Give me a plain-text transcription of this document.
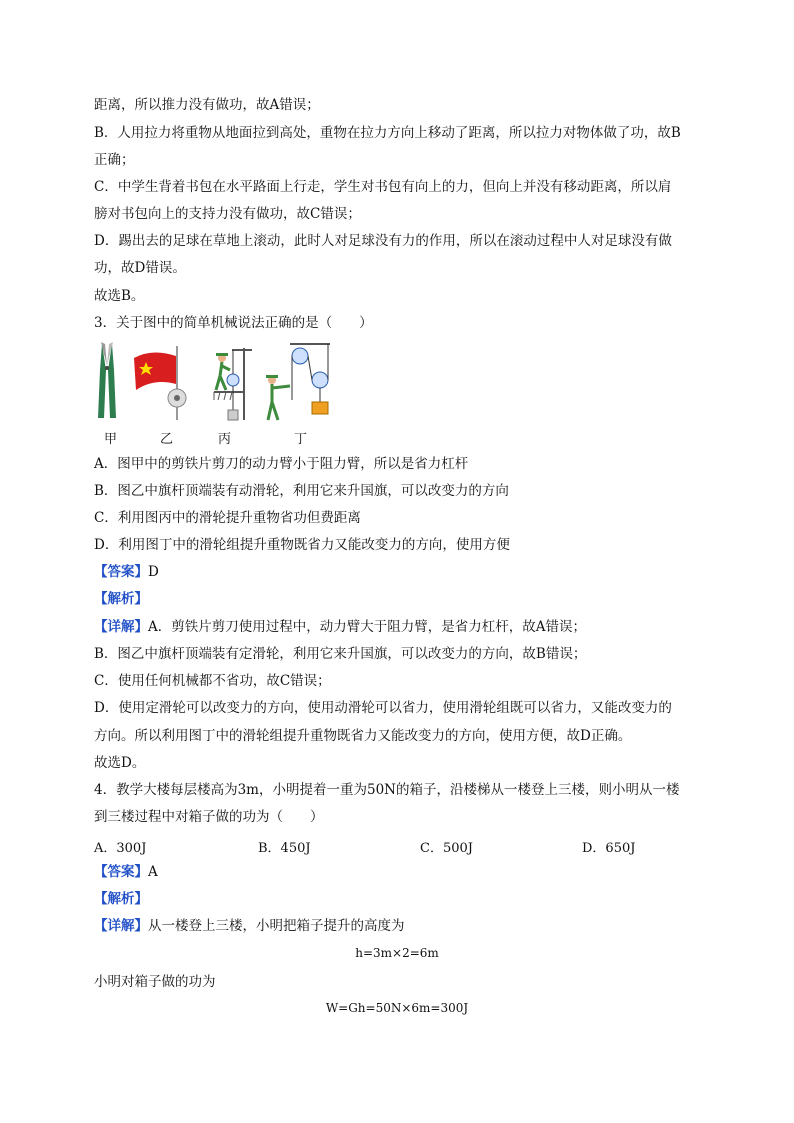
距离，所以推力没有做功，故A错误；
B．人用拉力将重物从地面拉到高处，重物在拉力方向上移动了距离，所以拉力对物体做了功，故B
正确；
C．中学生背着书包在水平路面上行走，学生对书包有向上的力，但向上并没有移动距离，所以肩
膀对书包向上的支持力没有做功，故C错误；
D．踢出去的足球在草地上滚动，此时人对足球没有力的作用，所以在滚动过程中人对足球没有做
功，故D错误。
故选B。
3．关于图中的简单机械说法正确的是（　　）
甲	乙	丙	丁
A．图甲中的剪铁片剪刀的动力臂小于阻力臂，所以是省力杠杆
B．图乙中旗杆顶端装有动滑轮，利用它来升国旗，可以改变力的方向
C．利用图丙中的滑轮提升重物省功但费距离
D．利用图丁中的滑轮组提升重物既省力又能改变力的方向，使用方便
【答案】D
【解析】
【详解】A．剪铁片剪刀使用过程中，动力臂大于阻力臂，是省力杠杆，故A错误；
B．图乙中旗杆顶端装有定滑轮，利用它来升国旗，可以改变力的方向，故B错误；
C．使用任何机械都不省功，故C错误；
D．使用定滑轮可以改变力的方向，使用动滑轮可以省力，使用滑轮组既可以省力，又能改变力的
方向。所以利用图丁中的滑轮组提升重物既省力又能改变力的方向，使用方便，故D正确。
故选D。
4．教学大楼每层楼高为3m，小明提着一重为50N的箱子，沿楼梯从一楼登上三楼，则小明从一楼
到三楼过程中对箱子做的功为（　　）
A．300J	B．450J	C．500J	D．650J
【答案】A
【解析】
【详解】从一楼登上三楼，小明把箱子提升的高度为
h=3m×2=6m
小明对箱子做的功为
W=Gh=50N×6m=300J
